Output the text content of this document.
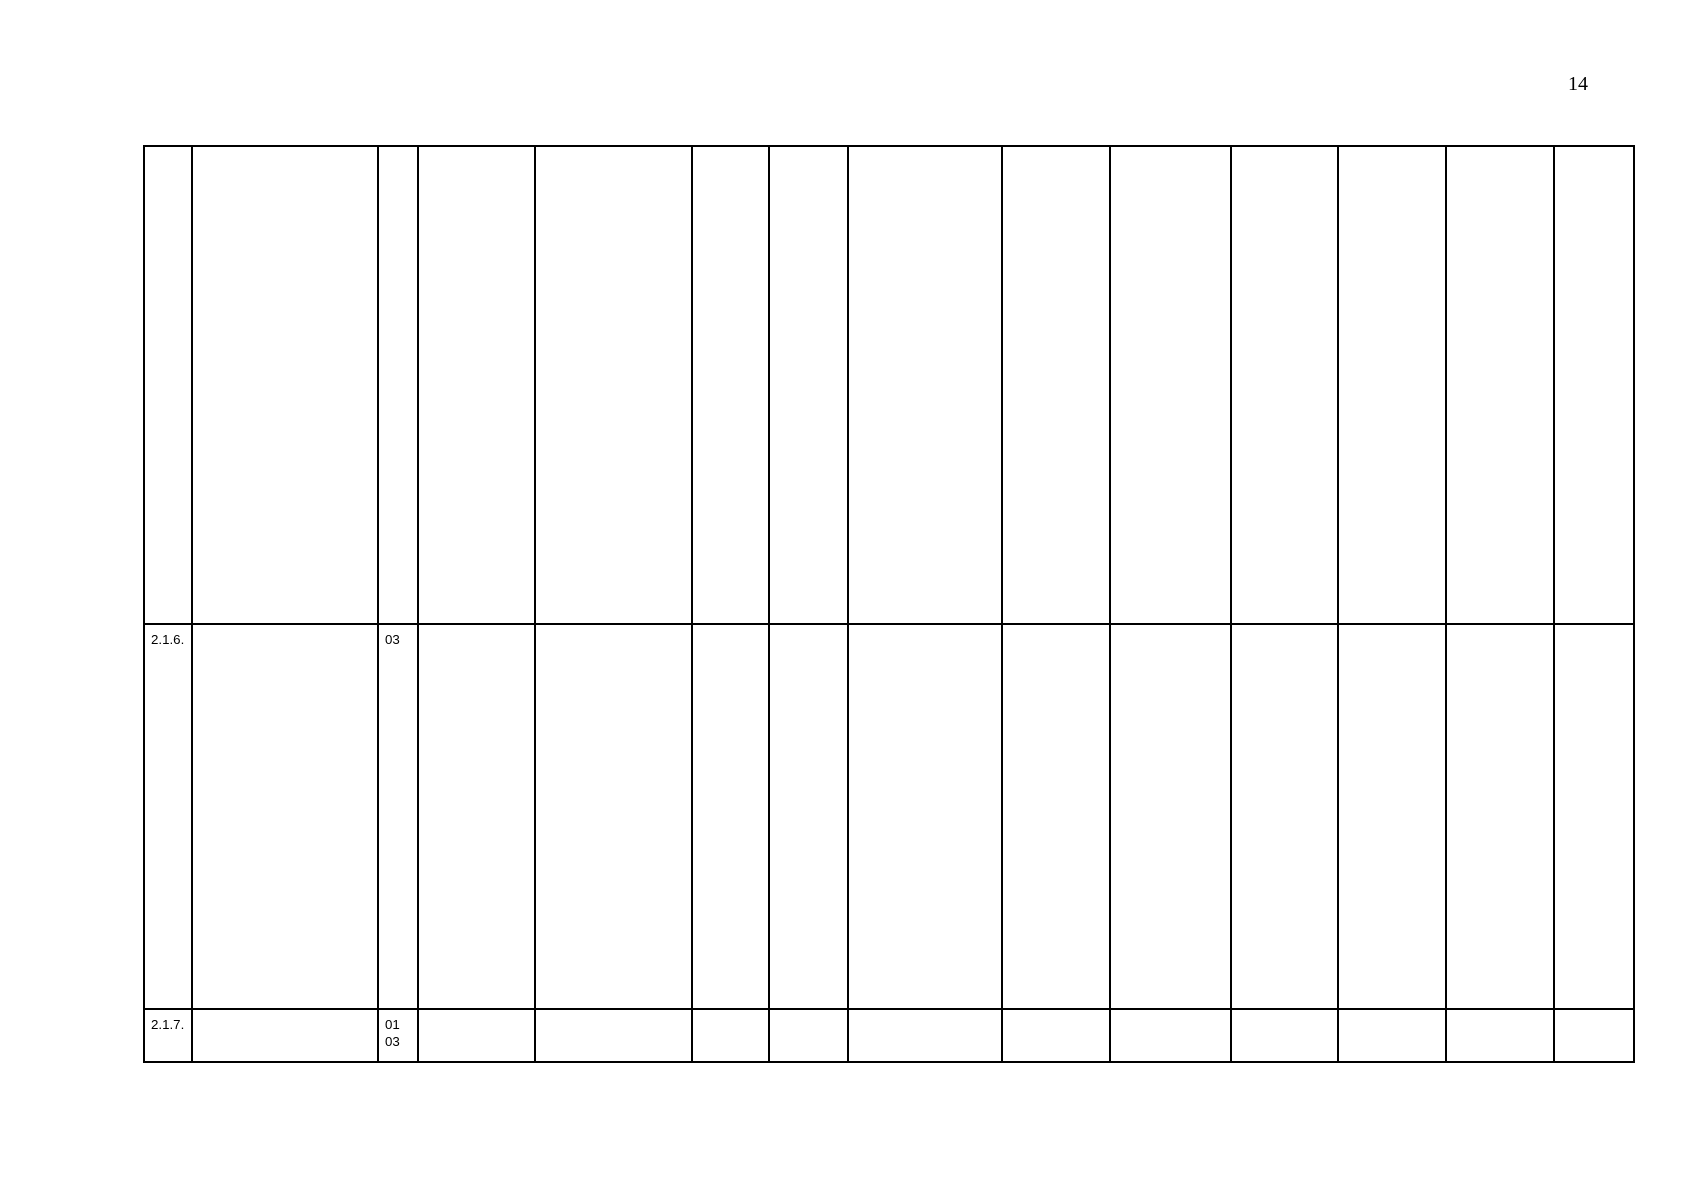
14

2.1.6.		03											

2.1.7.		01
03											
